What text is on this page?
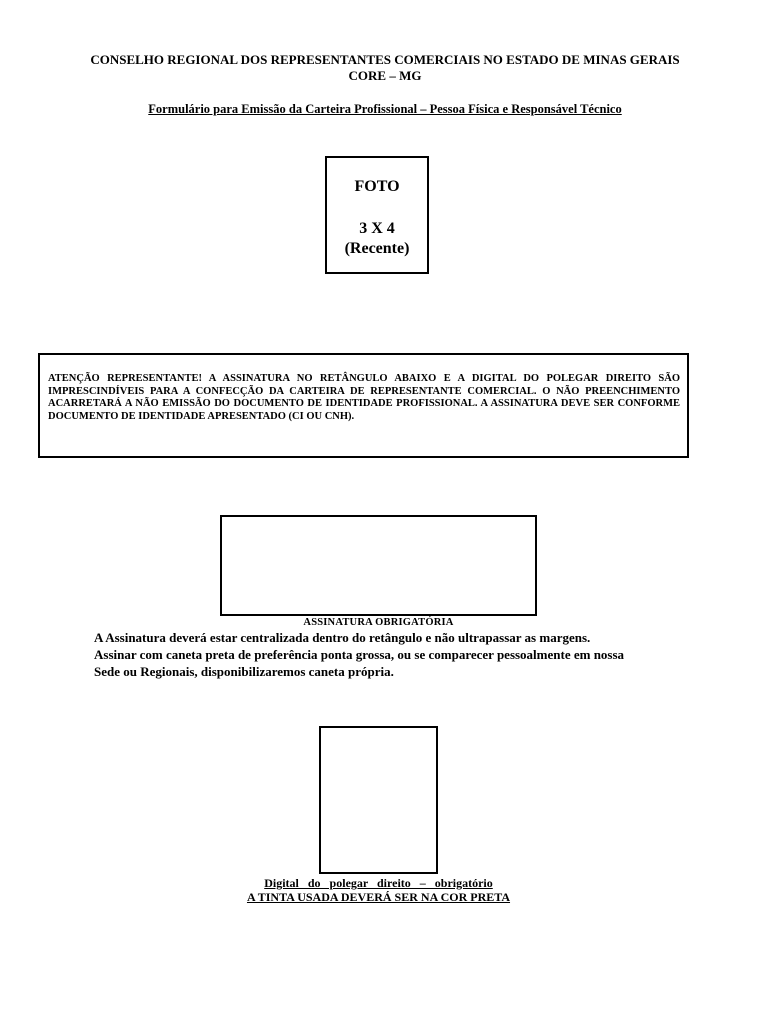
CONSELHO REGIONAL DOS REPRESENTANTES COMERCIAIS NO ESTADO DE MINAS GERAIS
CORE – MG
Formulário para Emissão da Carteira Profissional – Pessoa Física e Responsável Técnico
FOTO
3 X 4
(Recente)
ATENÇÃO REPRESENTANTE! A ASSINATURA NO RETÂNGULO ABAIXO E A DIGITAL DO POLEGAR DIREITO SÃO IMPRESCINDÍVEIS PARA A CONFECÇÃO DA CARTEIRA DE REPRESENTANTE COMERCIAL. O NÃO PREENCHIMENTO ACARRETARÁ A NÃO EMISSÃO DO DOCUMENTO DE IDENTIDADE PROFISSIONAL. A ASSINATURA DEVE SER CONFORME DOCUMENTO DE IDENTIDADE APRESENTADO (CI OU CNH).
ASSINATURA OBRIGATÓRIA
A Assinatura deverá estar centralizada dentro do retângulo e não ultrapassar as margens.
Assinar com caneta preta de preferência ponta grossa, ou se comparecer pessoalmente em nossa
Sede ou Regionais, disponibilizaremos caneta própria.
Digital do polegar direito – obrigatório
A TINTA USADA DEVERÁ SER NA COR PRETA
